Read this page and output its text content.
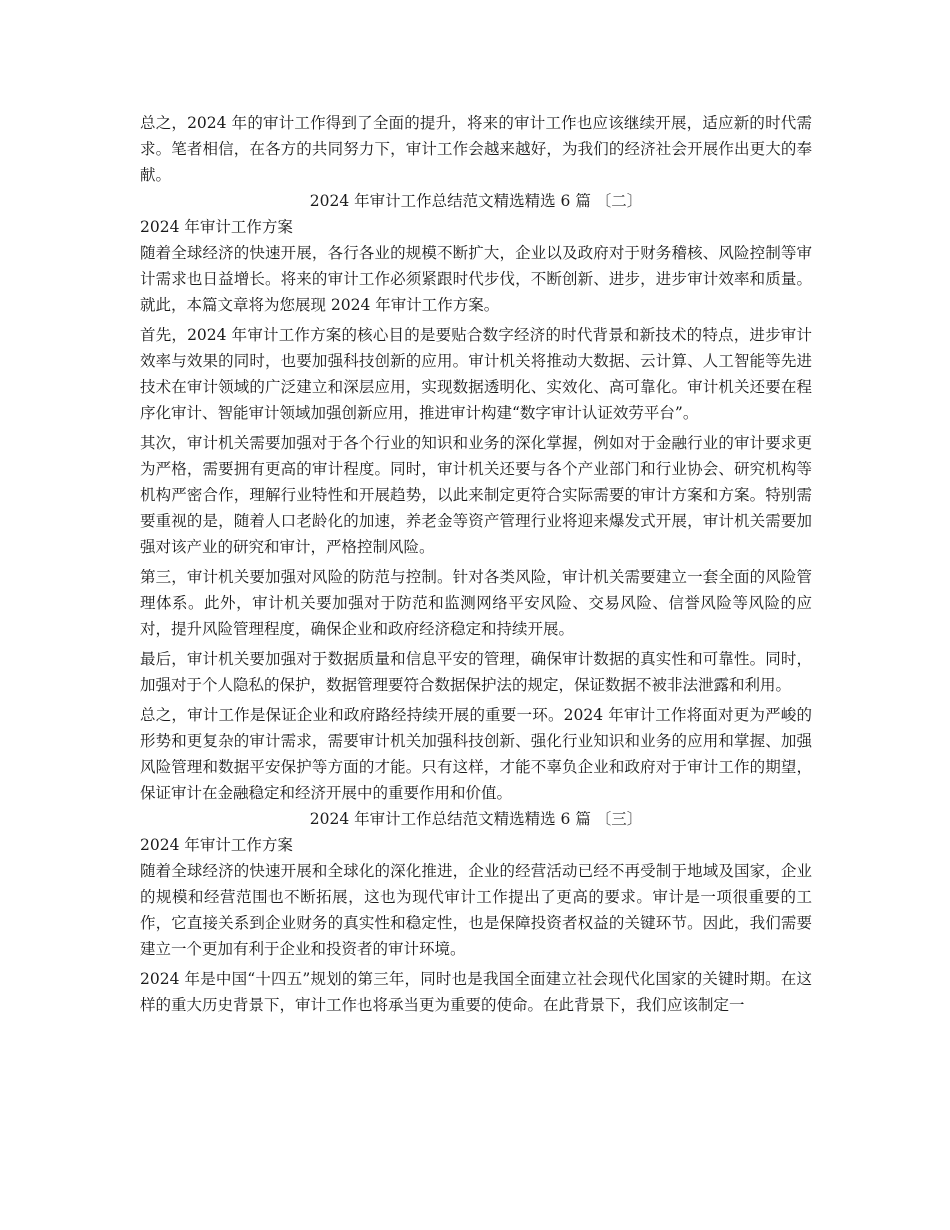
总之，2024 年的审计工作得到了全面的提升，将来的审计工作也应该继续开展，适应新的时代需求。笔者相信，在各方的共同努力下，审计工作会越来越好，为我们的经济社会开展作出更大的奉献。

2024 年审计工作总结范文精选精选 6 篇 〔二〕

2024 年审计工作方案

随着全球经济的快速开展，各行各业的规模不断扩大，企业以及政府对于财务稽核、风险控制等审计需求也日益增长。将来的审计工作必须紧跟时代步伐，不断创新、进步，进步审计效率和质量。就此，本篇文章将为您展现 2024 年审计工作方案。

首先，2024 年审计工作方案的核心目的是要贴合数字经济的时代背景和新技术的特点，进步审计效率与效果的同时，也要加强科技创新的应用。审计机关将推动大数据、云计算、人工智能等先进技术在审计领域的广泛建立和深层应用，实现数据透明化、实效化、高可靠化。审计机关还要在程序化审计、智能审计领域加强创新应用，推进审计构建“数字审计认证效劳平台”。

其次，审计机关需要加强对于各个行业的知识和业务的深化掌握，例如对于金融行业的审计要求更为严格，需要拥有更高的审计程度。同时，审计机关还要与各个产业部门和行业协会、研究机构等机构严密合作，理解行业特性和开展趋势，以此来制定更符合实际需要的审计方案和方案。特别需要重视的是，随着人口老龄化的加速，养老金等资产管理行业将迎来爆发式开展，审计机关需要加强对该产业的研究和审计，严格控制风险。

第三，审计机关要加强对风险的防范与控制。针对各类风险，审计机关需要建立一套全面的风险管理体系。此外，审计机关要加强对于防范和监测网络平安风险、交易风险、信誉风险等风险的应对，提升风险管理程度，确保企业和政府经济稳定和持续开展。

最后，审计机关要加强对于数据质量和信息平安的管理，确保审计数据的真实性和可靠性。同时，加强对于个人隐私的保护，数据管理要符合数据保护法的规定，保证数据不被非法泄露和利用。

总之，审计工作是保证企业和政府路经持续开展的重要一环。2024 年审计工作将面对更为严峻的形势和更复杂的审计需求，需要审计机关加强科技创新、强化行业知识和业务的应用和掌握、加强风险管理和数据平安保护等方面的才能。只有这样，才能不辜负企业和政府对于审计工作的期望，保证审计在金融稳定和经济开展中的重要作用和价值。

2024 年审计工作总结范文精选精选 6 篇 〔三〕

2024 年审计工作方案

随着全球经济的快速开展和全球化的深化推进，企业的经营活动已经不再受制于地域及国家，企业的规模和经营范围也不断拓展，这也为现代审计工作提出了更高的要求。审计是一项很重要的工作，它直接关系到企业财务的真实性和稳定性，也是保障投资者权益的关键环节。因此，我们需要建立一个更加有利于企业和投资者的审计环境。

2024 年是中国“十四五”规划的第三年，同时也是我国全面建立社会现代化国家的关键时期。在这样的重大历史背景下，审计工作也将承当更为重要的使命。在此背景下，我们应该制定一
